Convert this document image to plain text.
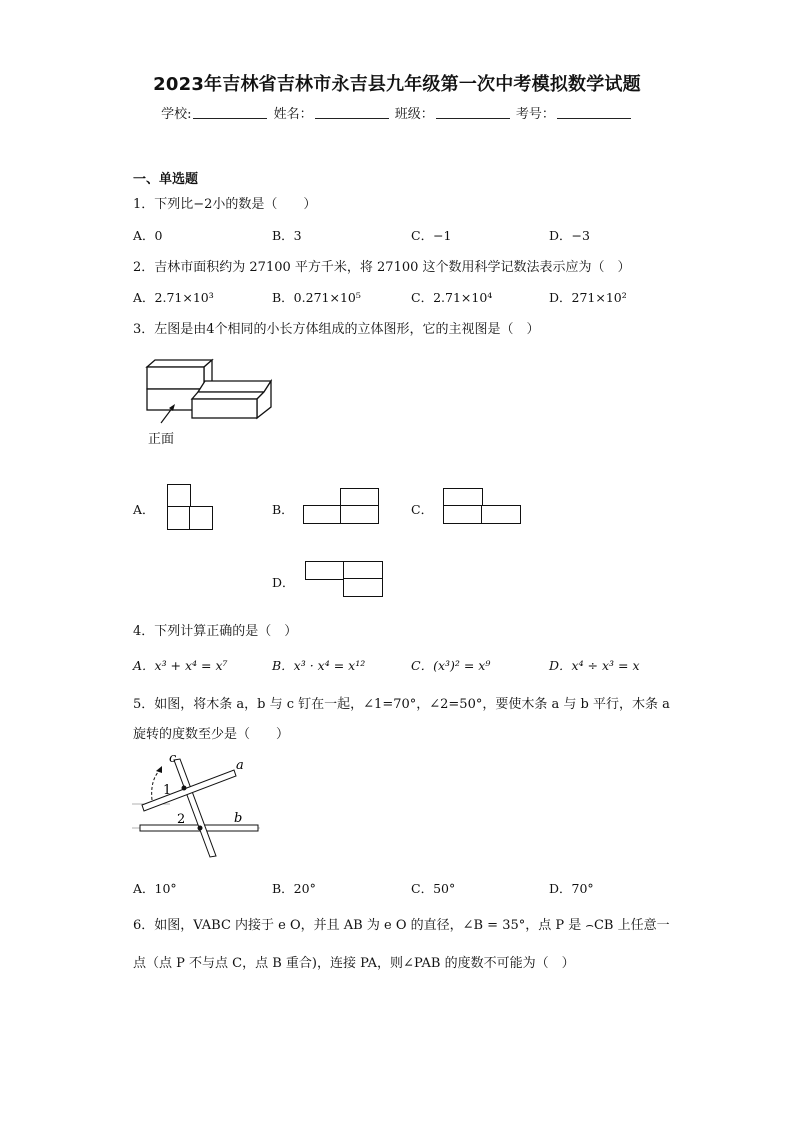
2023年吉林省吉林市永吉县九年级第一次中考模拟数学试题
学校:	姓名：	班级：	考号：
一、单选题
1．下列比−2小的数是（　　）
A．0	B．3	C．−1	D．−3
2．吉林市面积约为 27100 平方千米，将 27100 这个数用科学记数法表示应为（　）
A．2.71×10³	B．0.271×10⁵	C．2.71×10⁴	D．271×10²
3．左图是由4个相同的小长方体组成的立体图形，它的主视图是（　）
正面
A．	B．	C．
D．
4．下列计算正确的是（　）
A．x³ + x⁴ = x⁷	B．x³ · x⁴ = x¹²	C．(x³)² = x⁹	D．x⁴ ÷ x³ = x
5．如图，将木条 a，b 与 c 钉在一起，∠1=70°，∠2=50°，要使木条 a 与 b 平行，木条 a
旋转的度数至少是（　　）
c	a
b
1
2
A．10°	B．20°	C．50°	D．70°
6．如图，VABC 内接于 e O，并且 AB 为 e O 的直径，∠B = 35°，点 P 是 ⌢CB 上任意一
点（点 P 不与点 C，点 B 重合)，连接 PA，则∠PAB 的度数不可能为（　）
